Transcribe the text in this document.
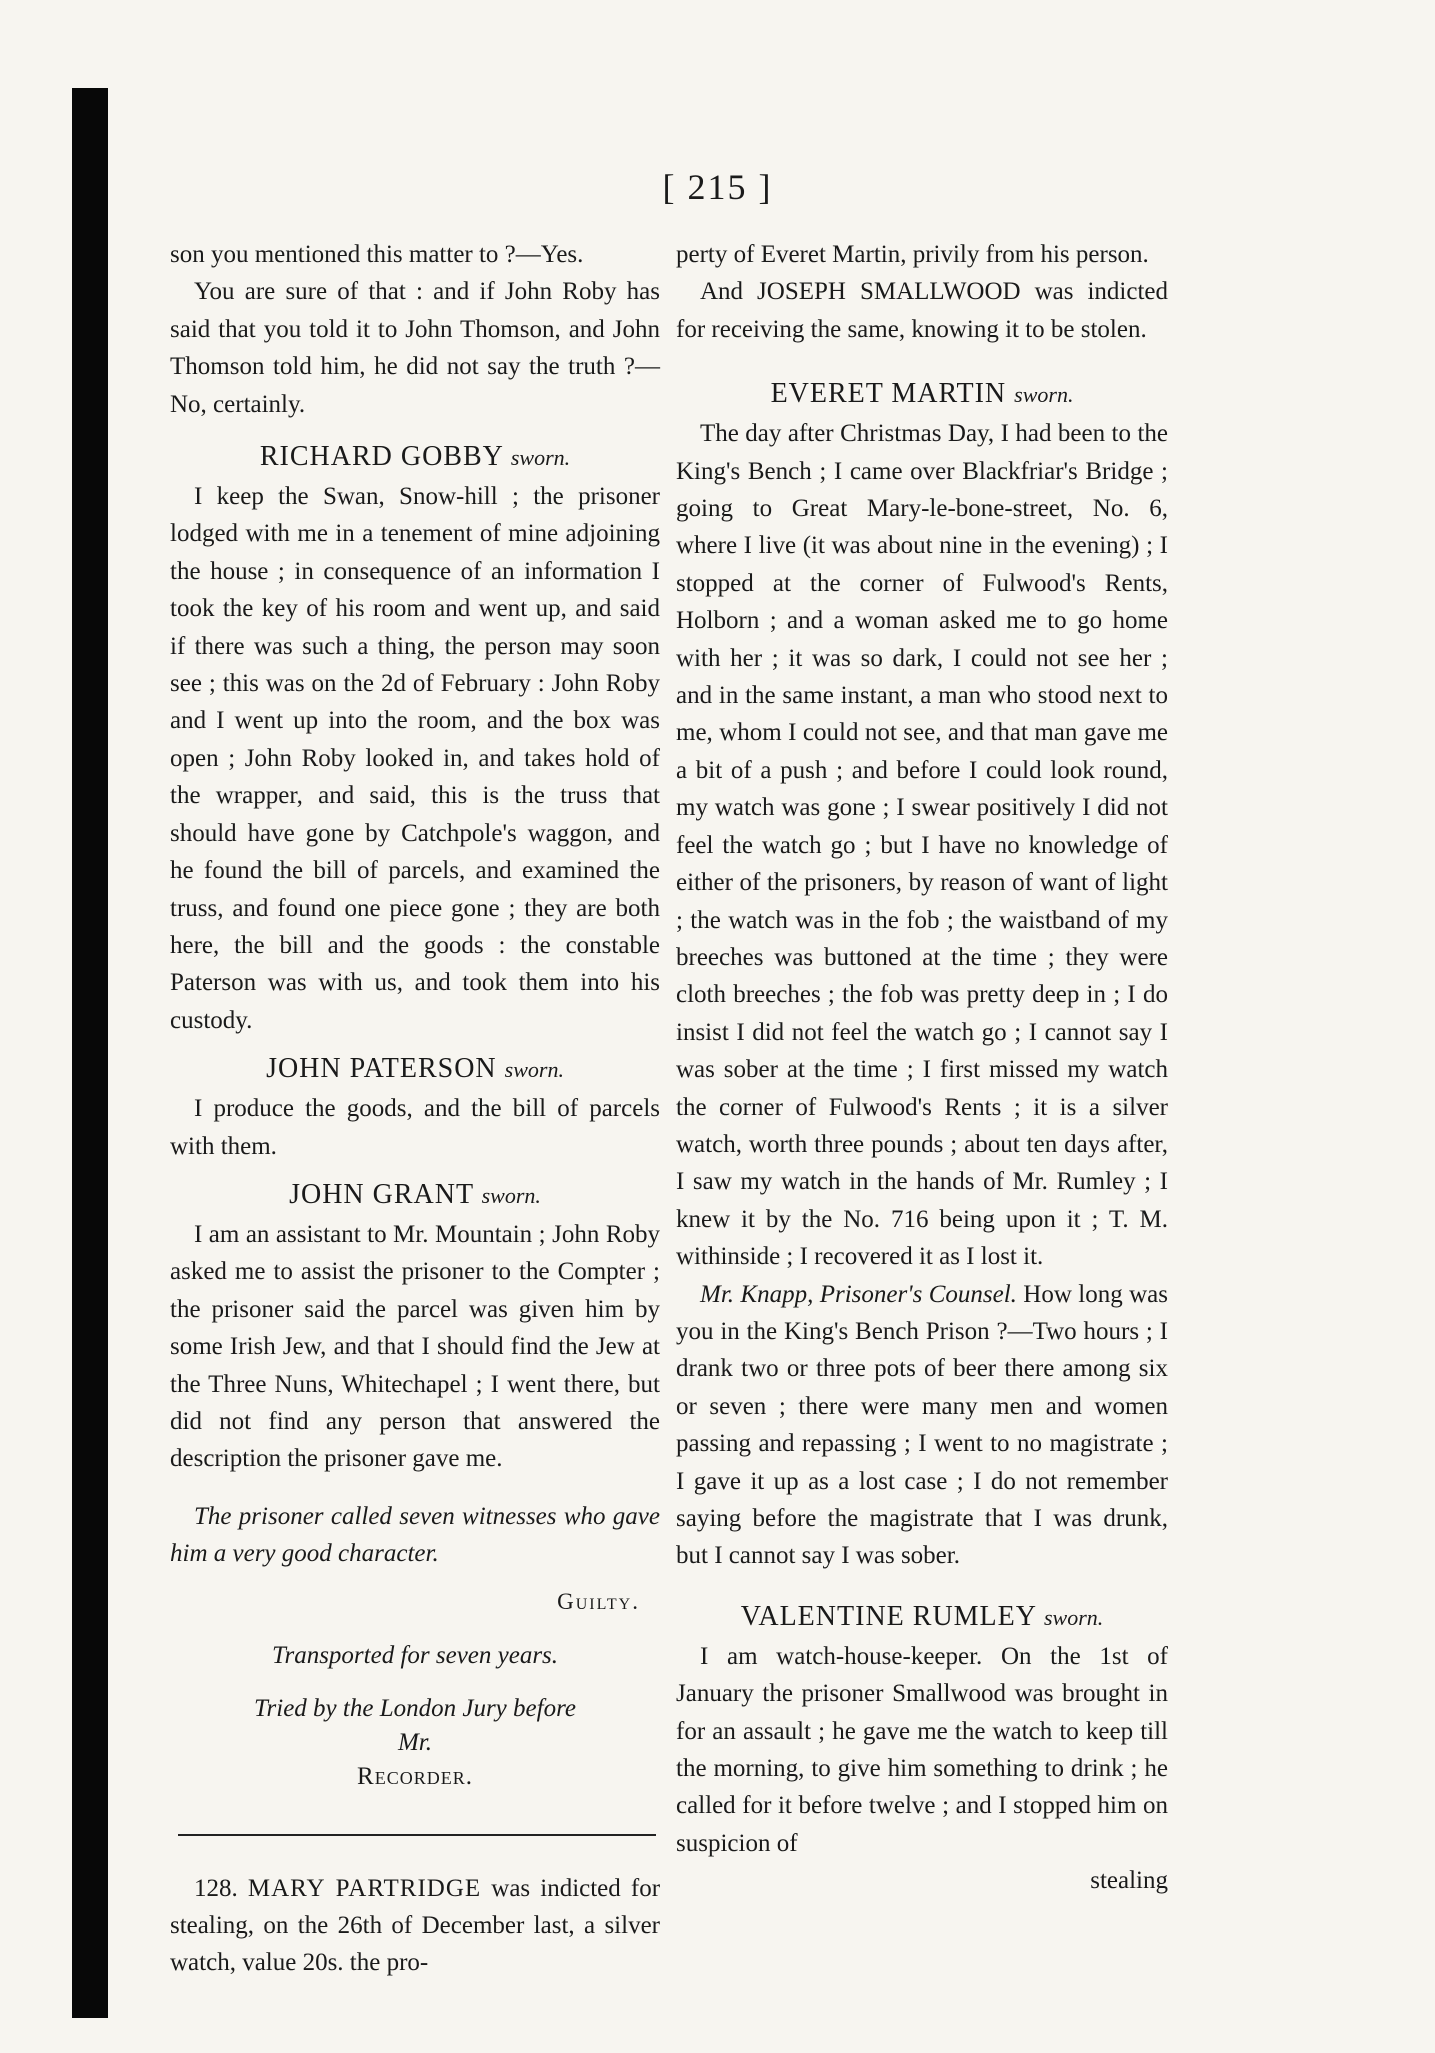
[ 215 ]

son you mentioned this matter to ?—Yes.

You are sure of that : and if John Roby has said that you told it to John Thomson, and John Thomson told him, he did not say the truth ?—No, certainly.

RICHARD GOBBY sworn.

I keep the Swan, Snow-hill ; the prisoner lodged with me in a tenement of mine adjoining the house ; in consequence of an information I took the key of his room and went up, and said if there was such a thing, the person may soon see ; this was on the 2d of February : John Roby and I went up into the room, and the box was open ; John Roby looked in, and takes hold of the wrapper, and said, this is the truss that should have gone by Catchpole's waggon, and he found the bill of parcels, and examined the truss, and found one piece gone ; they are both here, the bill and the goods : the constable Paterson was with us, and took them into his custody.

JOHN PATERSON sworn.

I produce the goods, and the bill of parcels with them.

JOHN GRANT sworn.

I am an assistant to Mr. Mountain ; John Roby asked me to assist the prisoner to the Compter ; the prisoner said the parcel was given him by some Irish Jew, and that I should find the Jew at the Three Nuns, Whitechapel ; I went there, but did not find any person that answered the description the prisoner gave me.

The prisoner called seven witnesses who gave him a very good character.

Guilty.
Transported for seven years.
Tried by the London Jury before
Mr.
Recorder.

128. MARY PARTRIDGE was indicted for stealing, on the 26th of December last, a silver watch, value 20s. the pro-

perty of Everet Martin, privily from his person.

And JOSEPH SMALLWOOD was indicted for receiving the same, knowing it to be stolen.

EVERET MARTIN sworn.

The day after Christmas Day, I had been to the King's Bench ; I came over Blackfriar's Bridge ; going to Great Mary-le-bone-street, No. 6, where I live (it was about nine in the evening) ; I stopped at the corner of Fulwood's Rents, Holborn ; and a woman asked me to go home with her ; it was so dark, I could not see her ; and in the same instant, a man who stood next to me, whom I could not see, and that man gave me a bit of a push ; and before I could look round, my watch was gone ; I swear positively I did not feel the watch go ; but I have no knowledge of either of the prisoners, by reason of want of light ; the watch was in the fob ; the waistband of my breeches was buttoned at the time ; they were cloth breeches ; the fob was pretty deep in ; I do insist I did not feel the watch go ; I cannot say I was sober at the time ; I first missed my watch the corner of Fulwood's Rents ; it is a silver watch, worth three pounds ; about ten days after, I saw my watch in the hands of Mr. Rumley ; I knew it by the No. 716 being upon it ; T. M. withinside ; I recovered it as I lost it.

Mr. Knapp, Prisoner's Counsel. How long was you in the King's Bench Prison ?—Two hours ; I drank two or three pots of beer there among six or seven ; there were many men and women passing and repassing ; I went to no magistrate ; I gave it up as a lost case ; I do not remember saying before the magistrate that I was drunk, but I cannot say I was sober.

VALENTINE RUMLEY sworn.

I am watch-house-keeper. On the 1st of January the prisoner Smallwood was brought in for an assault ; he gave me the watch to keep till the morning, to give him something to drink ; he called for it before twelve ; and I stopped him on suspicion of

stealing
